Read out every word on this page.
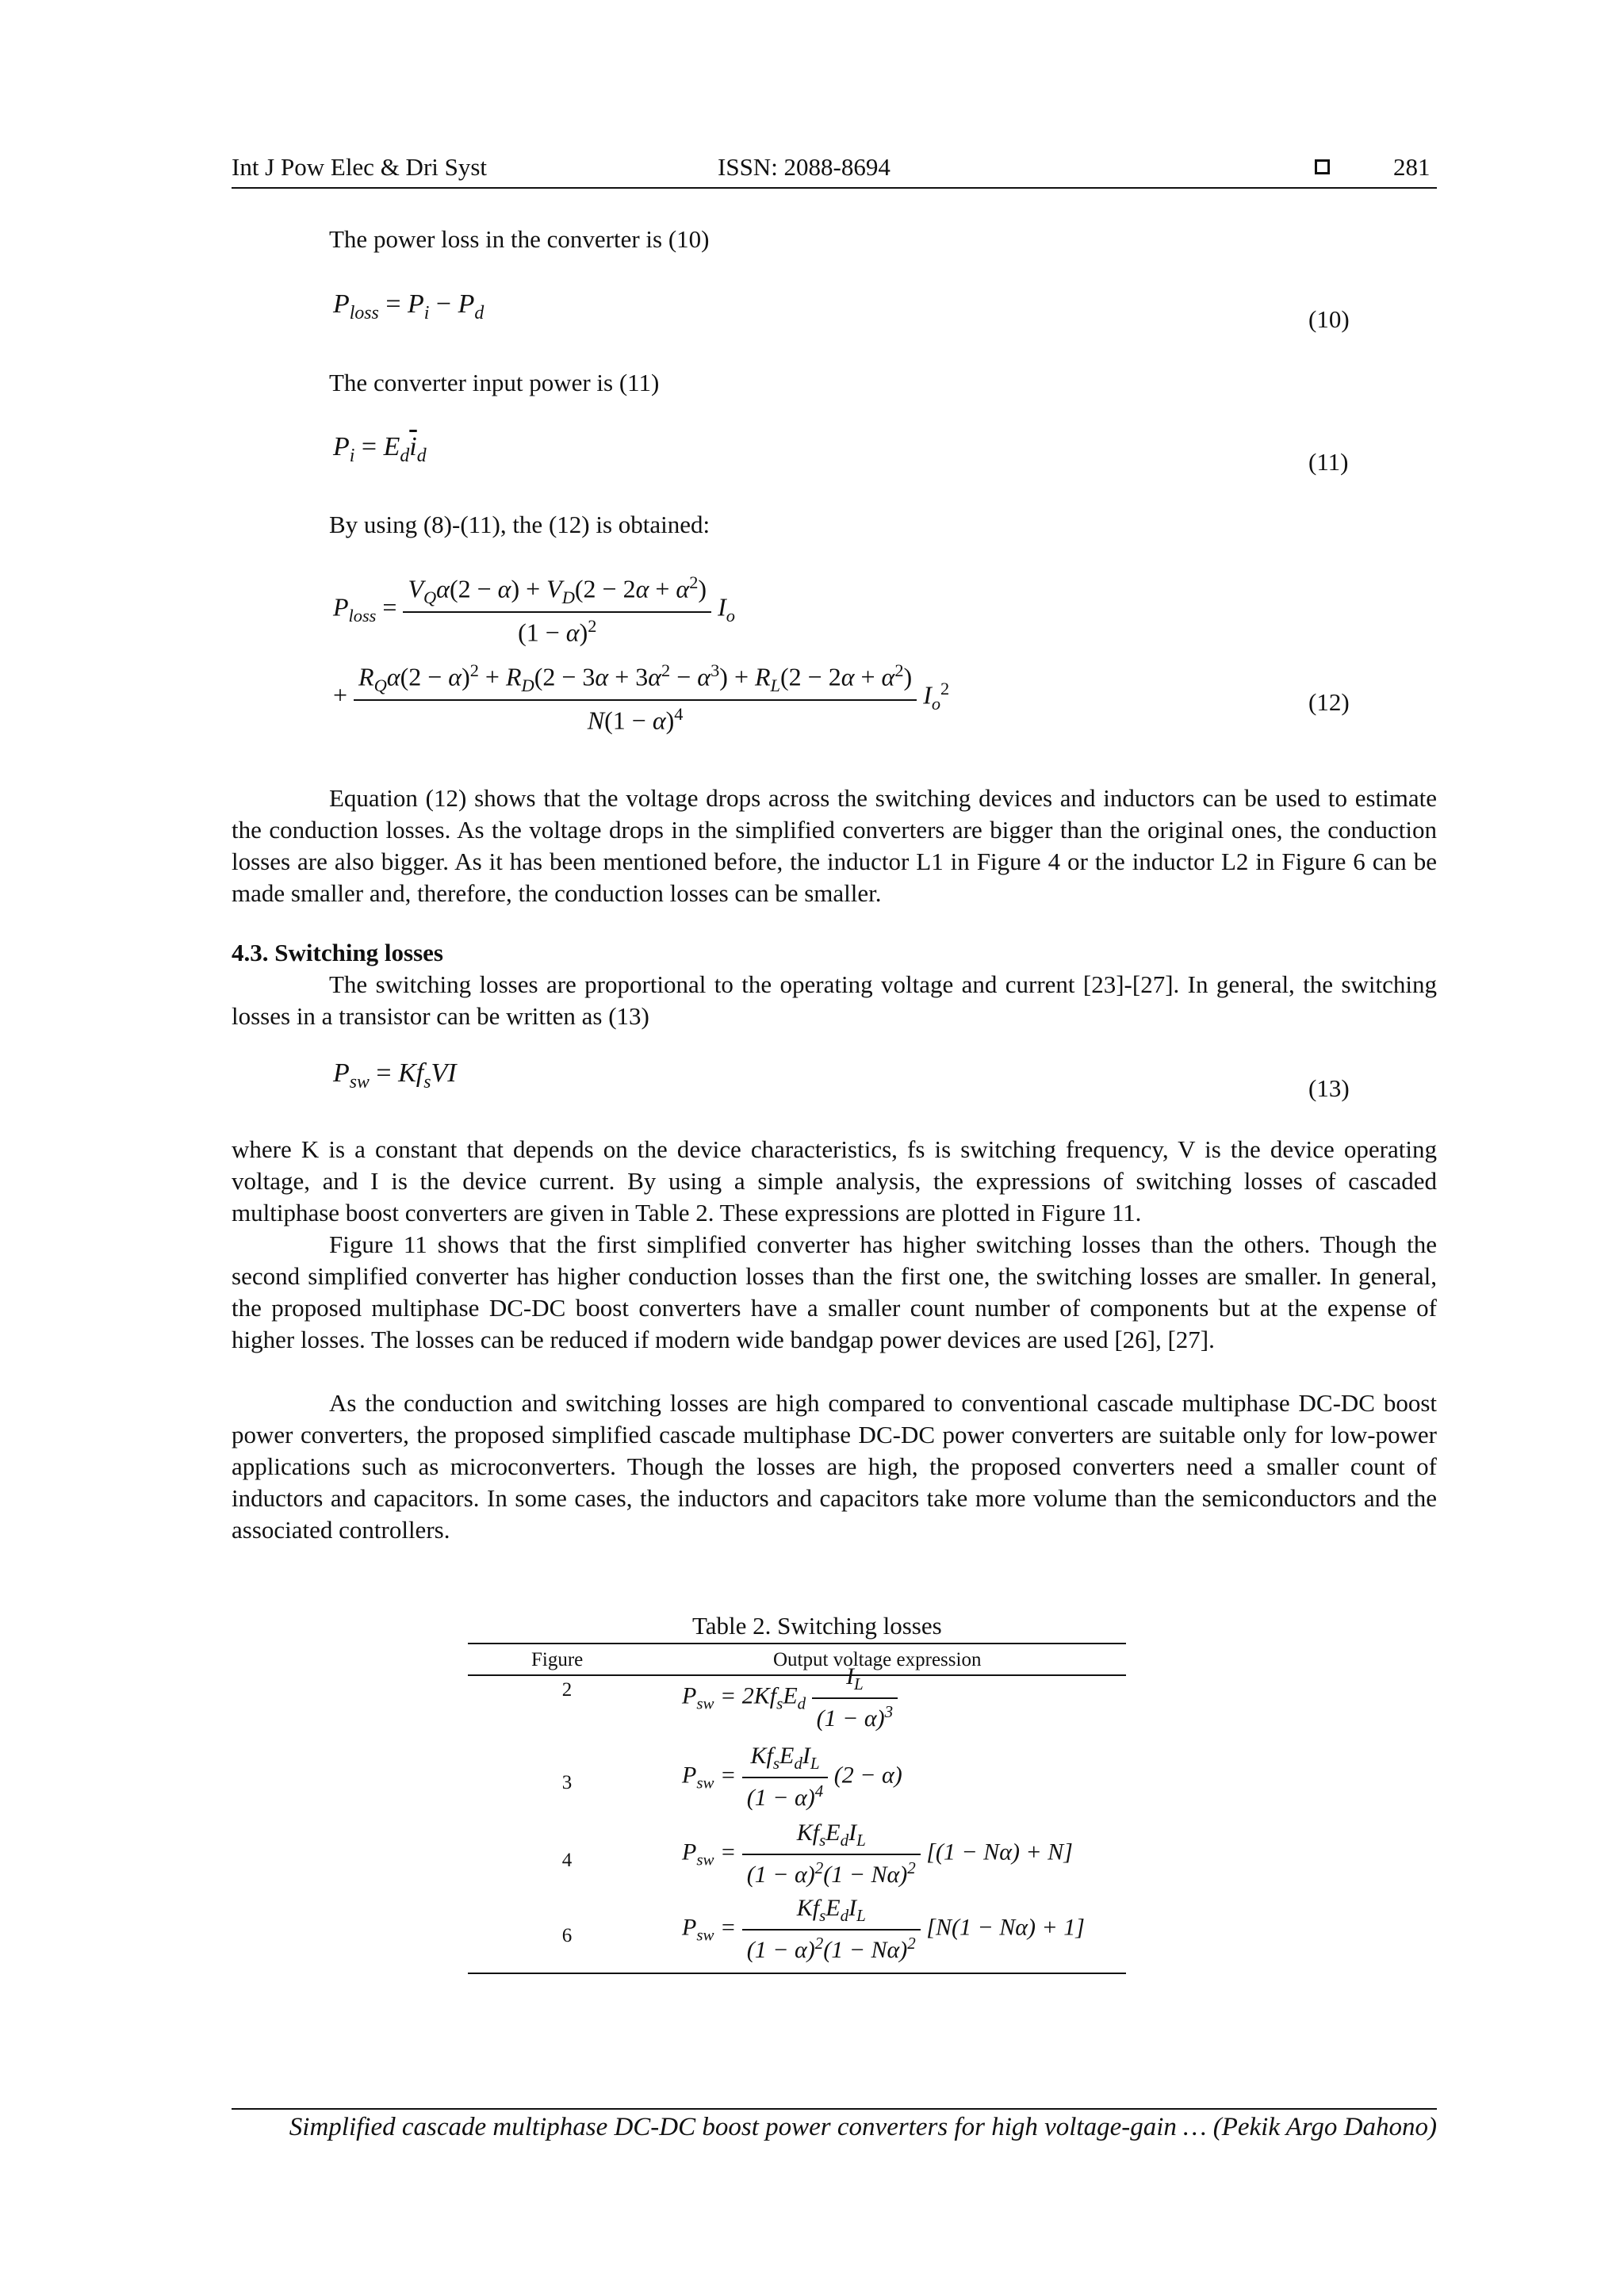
Int J Pow Elec & Dri Syst	ISSN: 2088-8694	281
The power loss in the converter is (10)
$P_{loss} = P_i - P_d$	(10)
The converter input power is (11)
$P_i = E_d\overline{i}_d$	(11)
By using (8)-(11), the (12) is obtained:
$P_{loss} = \frac{V_Q\alpha(2 - \alpha) + V_D(2 - 2\alpha + \alpha^2)}{(1 - \alpha)^2} I_o$
+ $\frac{R_Q\alpha(2 - \alpha)^2 + R_D(2 - 3\alpha + 3\alpha^2 - \alpha^3) + R_L(2 - 2\alpha + \alpha^2)}{N(1 - \alpha)^4} I_o^2$	(12)
Equation (12) shows that the voltage drops across the switching devices and inductors can be used to estimate the conduction losses. As the voltage drops in the simplified converters are bigger than the original ones, the conduction losses are also bigger. As it has been mentioned before, the inductor L1 in Figure 4 or the inductor L2 in Figure 6 can be made smaller and, therefore, the conduction losses can be smaller.
4.3. Switching losses
The switching losses are proportional to the operating voltage and current [23]-[27]. In general, the switching losses in a transistor can be written as (13)
$P_{sw} = Kf_sVI$
(13)
where K is a constant that depends on the device characteristics, fs is switching frequency, V is the device operating voltage, and I is the device current. By using a simple analysis, the expressions of switching losses of cascaded multiphase boost converters are given in Table 2. These expressions are plotted in Figure 11.
Figure 11 shows that the first simplified converter has higher switching losses than the others. Though the second simplified converter has higher conduction losses than the first one, the switching losses are smaller. In general, the proposed multiphase DC-DC boost converters have a smaller count number of components but at the expense of higher losses. The losses can be reduced if modern wide bandgap power devices are used [26], [27].
As the conduction and switching losses are high compared to conventional cascade multiphase DC-DC boost power converters, the proposed simplified cascade multiphase DC-DC power converters are suitable only for low-power applications such as microconverters. Though the losses are high, the proposed converters need a smaller count of inductors and capacitors. In some cases, the inductors and capacitors take more volume than the semiconductors and the associated controllers.
Table 2. Switching losses
Figure	Output voltage expression
2	$P_{sw} = 2Kf_sE_d \frac{I_L}{(1 - \alpha)^3}$
3	$P_{sw} = \frac{Kf_sE_dI_L}{(1 - \alpha)^4} (2 - \alpha)$
4	$P_{sw} = \frac{Kf_sE_dI_L}{(1 - \alpha)^2(1 - N\alpha)^2} [(1 - N\alpha) + N]$
6	$P_{sw} = \frac{Kf_sE_dI_L}{(1 - \alpha)^2(1 - N\alpha)^2} [N(1 - N\alpha) + 1]$
Simplified cascade multiphase DC-DC boost power converters for high voltage-gain … (Pekik Argo Dahono)
